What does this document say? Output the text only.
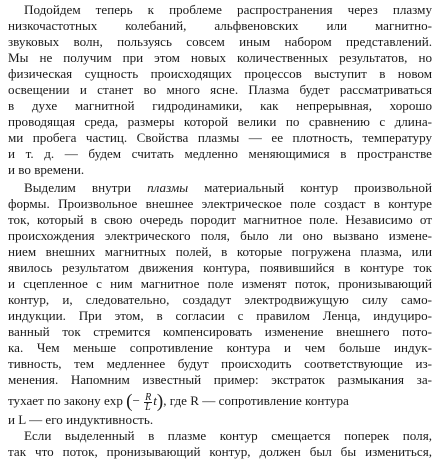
Подойдем теперь к проблеме распространения через плазму
низкочастотных колебаний, альфвеновских или магнитно-
звуковых волн, пользуясь совсем иным набором представлений.
Мы не получим при этом новых количественных результатов, но
физическая сущность происходящих процессов выступит в новом
освещении и станет во много ясне. Плазма будет рассматриваться
в духе магнитной гидродинамики, как непрерывная, хорошо
проводящая среда, размеры которой велики по сравнению с длина-
ми пробега частиц. Свойства плазмы — ее плотность, температуру
и т. д. — будем считать медленно меняющимися в пространстве
и во времени.
Выделим внутри плазмы материальный контур произвольной
формы. Произвольное внешнее электрическое поле создаст в контуре
ток, который в свою очередь породит магнитное поле. Независимо от
происхождения электрического поля, было ли оно вызвано измене-
нием внешних магнитных полей, в которые погружена плазма, или
явилось результатом движения контура, появившийся в контуре ток
и сцепленное с ним магнитное поле изменят поток, пронизывающий
контур, и, следовательно, создадут электродвижущую силу само-
индукции. При этом, в согласии с правилом Ленца, индуциро-
ванный ток стремится компенсировать изменение внешнего пото-
ка. Чем меньше сопротивление контура и чем больше индук-
тивность, тем медленнее будут происходить соответствующие из-
менения. Напомним известный пример: экстраток размыкания за-
тухает по закону exp (− $\frac{R}{L} t$), где R — сопротивление контура
и L — его индуктивность.
Если выделенный в плазме контур смещается поперек поля,
так что поток, пронизывающий контур, должен был бы измениться,
